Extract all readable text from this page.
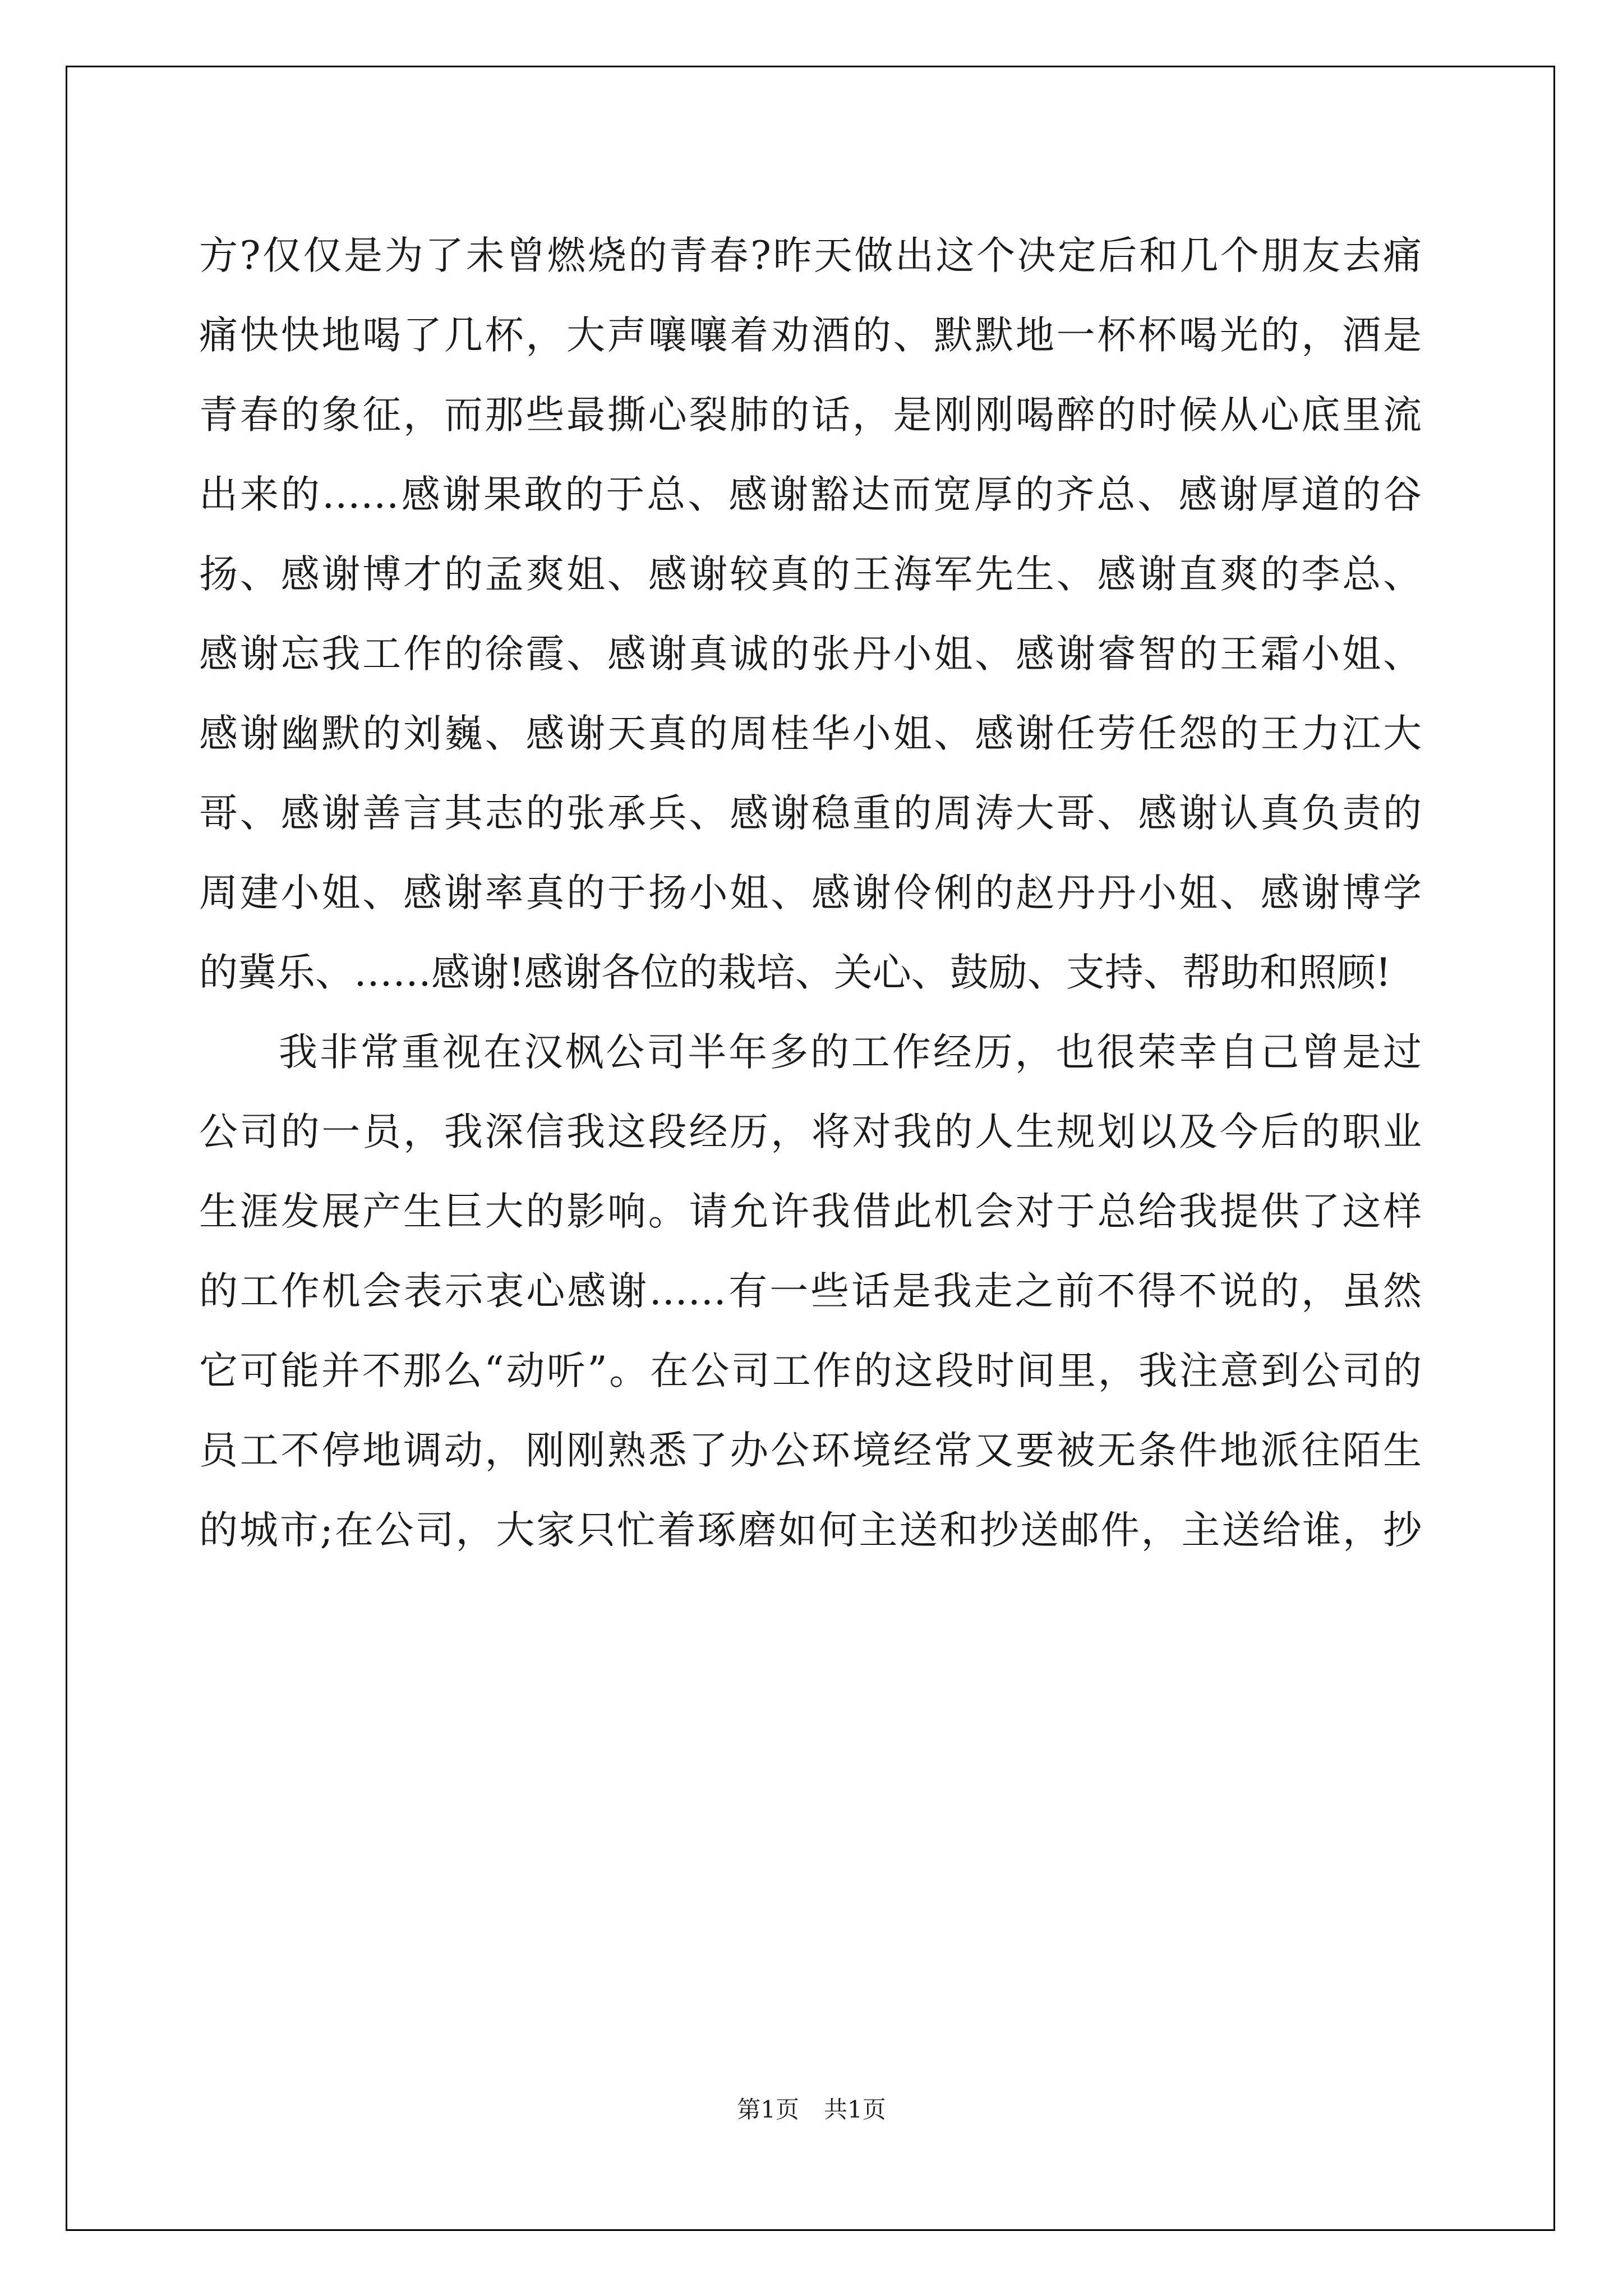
方?仅仅是为了未曾燃烧的青春?昨天做出这个决定后和几个朋友去痛
痛快快地喝了几杯，大声嚷嚷着劝酒的、默默地一杯杯喝光的，酒是
青春的象征，而那些最撕心裂肺的话，是刚刚喝醉的时候从心底里流
出来的……感谢果敢的于总、感谢豁达而宽厚的齐总、感谢厚道的谷
扬、感谢博才的孟爽姐、感谢较真的王海军先生、感谢直爽的李总、
感谢忘我工作的徐霞、感谢真诚的张丹小姐、感谢睿智的王霜小姐、
感谢幽默的刘巍、感谢天真的周桂华小姐、感谢任劳任怨的王力江大
哥、感谢善言其志的张承兵、感谢稳重的周涛大哥、感谢认真负责的
周建小姐、感谢率真的于扬小姐、感谢伶俐的赵丹丹小姐、感谢博学
的冀乐、……感谢!感谢各位的栽培、关心、鼓励、支持、帮助和照顾!
我非常重视在汉枫公司半年多的工作经历，也很荣幸自己曾是过
公司的一员，我深信我这段经历，将对我的人生规划以及今后的职业
生涯发展产生巨大的影响。请允许我借此机会对于总给我提供了这样
的工作机会表示衷心感谢……有一些话是我走之前不得不说的，虽然
它可能并不那么“动听”。在公司工作的这段时间里，我注意到公司的
员工不停地调动，刚刚熟悉了办公环境经常又要被无条件地派往陌生
的城市;在公司，大家只忙着琢磨如何主送和抄送邮件，主送给谁，抄
第1页 共1页
